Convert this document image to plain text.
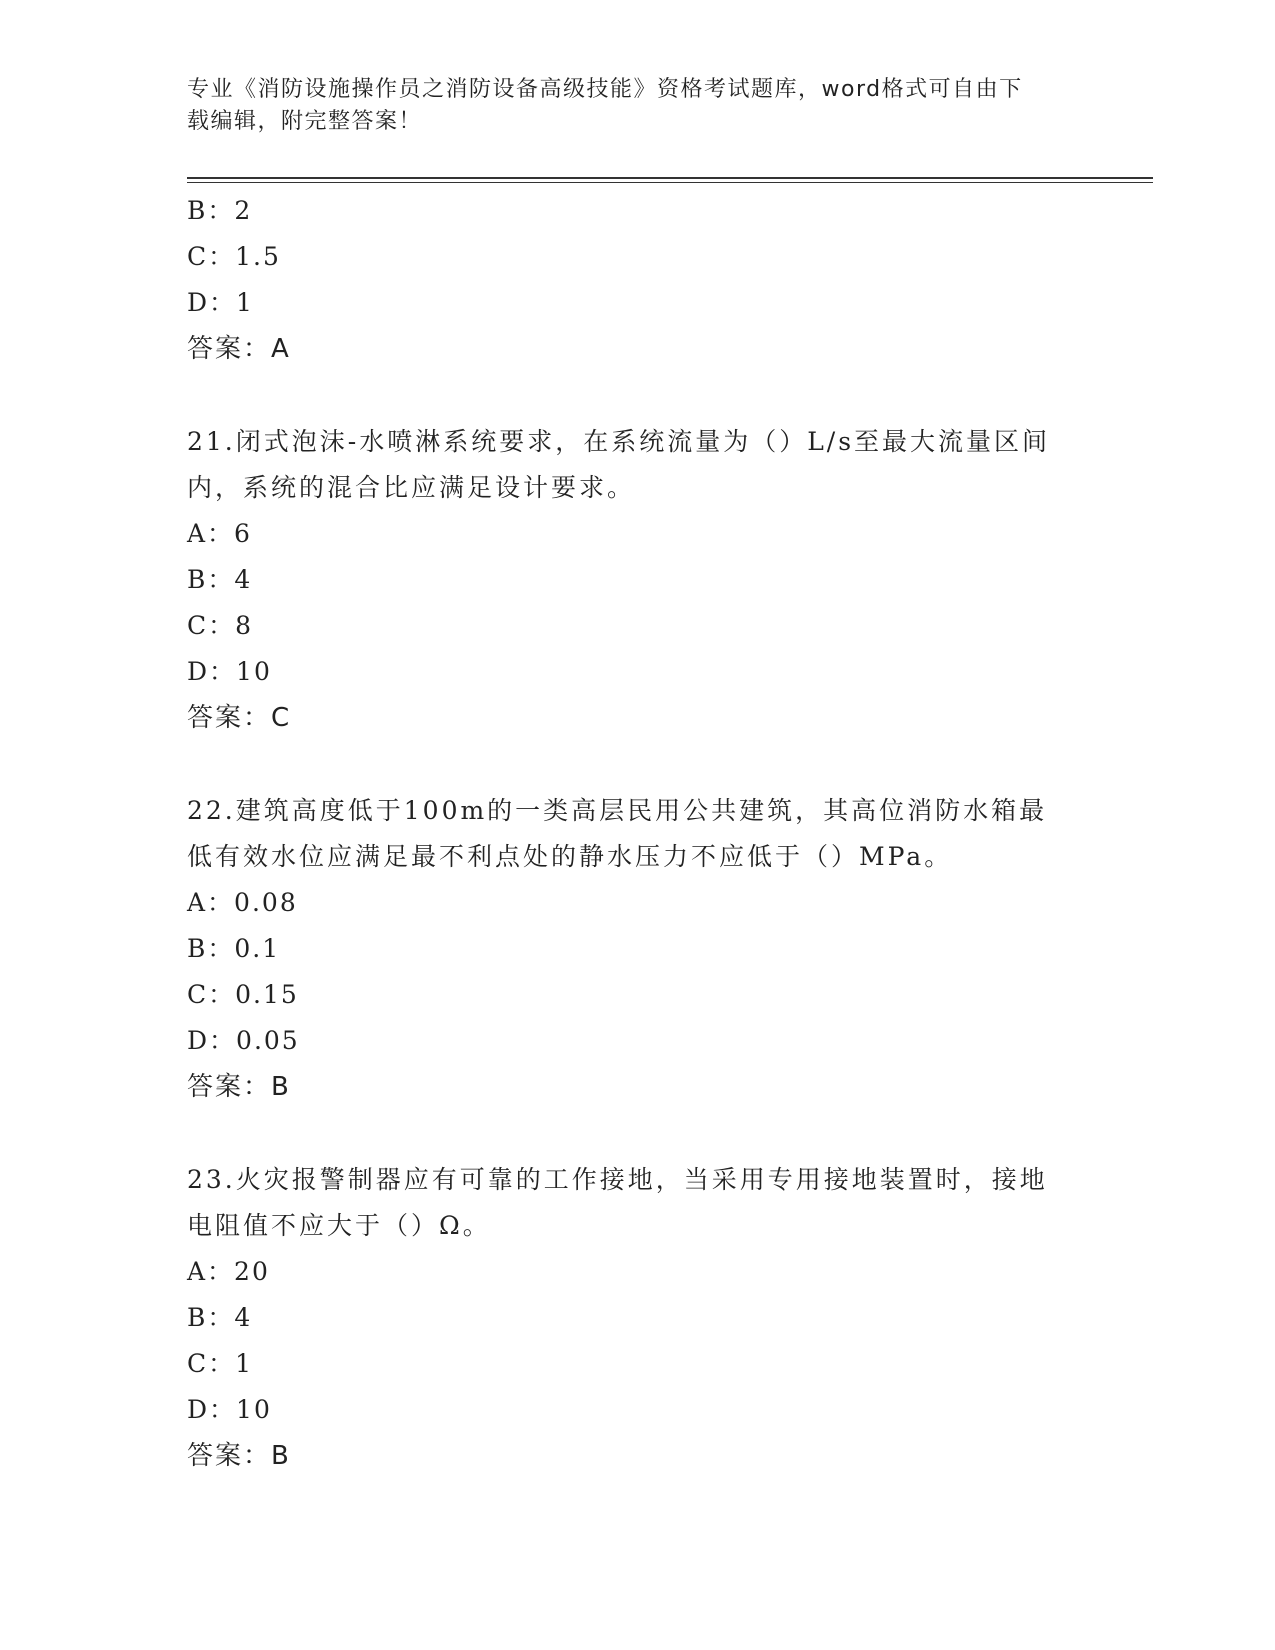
专业《消防设施操作员之消防设备高级技能》资格考试题库，word格式可自由下
载编辑，附完整答案！
B：2
C：1.5
D：1
答案：A
21.闭式泡沫-水喷淋系统要求，在系统流量为（）L/s至最大流量区间
内，系统的混合比应满足设计要求。
A：6
B：4
C：8
D：10
答案：C
22.建筑高度低于100m的一类高层民用公共建筑，其高位消防水箱最
低有效水位应满足最不利点处的静水压力不应低于（）MPa。
A：0.08
B：0.1
C：0.15
D：0.05
答案：B
23.火灾报警制器应有可靠的工作接地，当采用专用接地装置时，接地
电阻值不应大于（）Ω。
A：20
B：4
C：1
D：10
答案：B
